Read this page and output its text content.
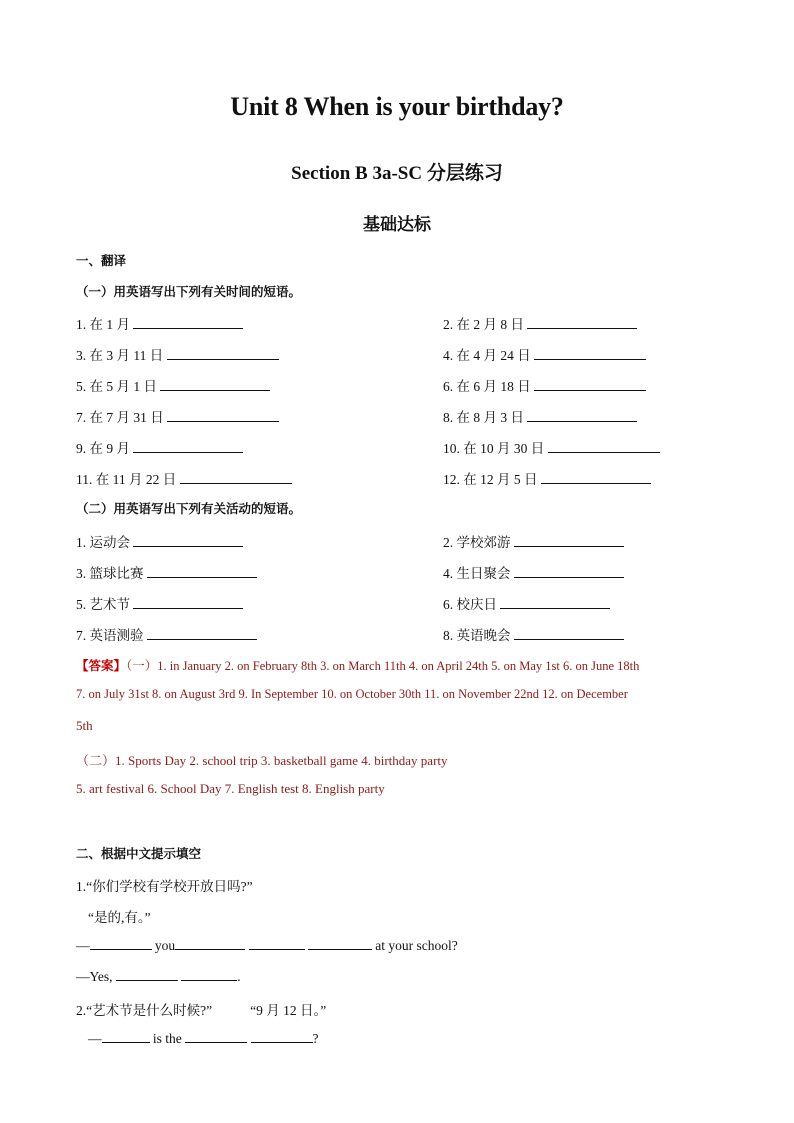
Unit 8 When is your birthday?
Section B 3a-SC 分层练习
基础达标
一、翻译
（一）用英语写出下列有关时间的短语。
1. 在 1 月	2. 在 2 月 8 日
3. 在 3 月 11 日	4. 在 4 月 24 日
5. 在 5 月 1 日	6. 在 6 月 18 日
7. 在 7 月 31 日	8. 在 8 月 3 日
9. 在 9 月	10. 在 10 月 30 日
11. 在 11 月 22 日	12. 在 12 月 5 日
（二）用英语写出下列有关活动的短语。
1. 运动会	2. 学校郊游
3. 篮球比赛	4. 生日聚会
5. 艺术节	6. 校庆日
7. 英语测验	8. 英语晚会
【答案】（一）1. in January 2. on February 8th 3. on March 11th 4. on April 24th 5. on May 1st 6. on June 18th
7. on July 31st 8. on August 3rd 9. In September 10. on October 30th 11. on November 22nd 12. on December
5th
（二）1. Sports Day 2. school trip 3. basketball game 4. birthday party
5. art festival 6. School Day 7. English test 8. English party
二、根据中文提示填空
1.“你们学校有学校开放日吗?”
“是的,有。”
—	you	at your school?
—Yes,	.
2.“艺术节是什么时候?”	“9 月 12 日。”
—	is the	?
